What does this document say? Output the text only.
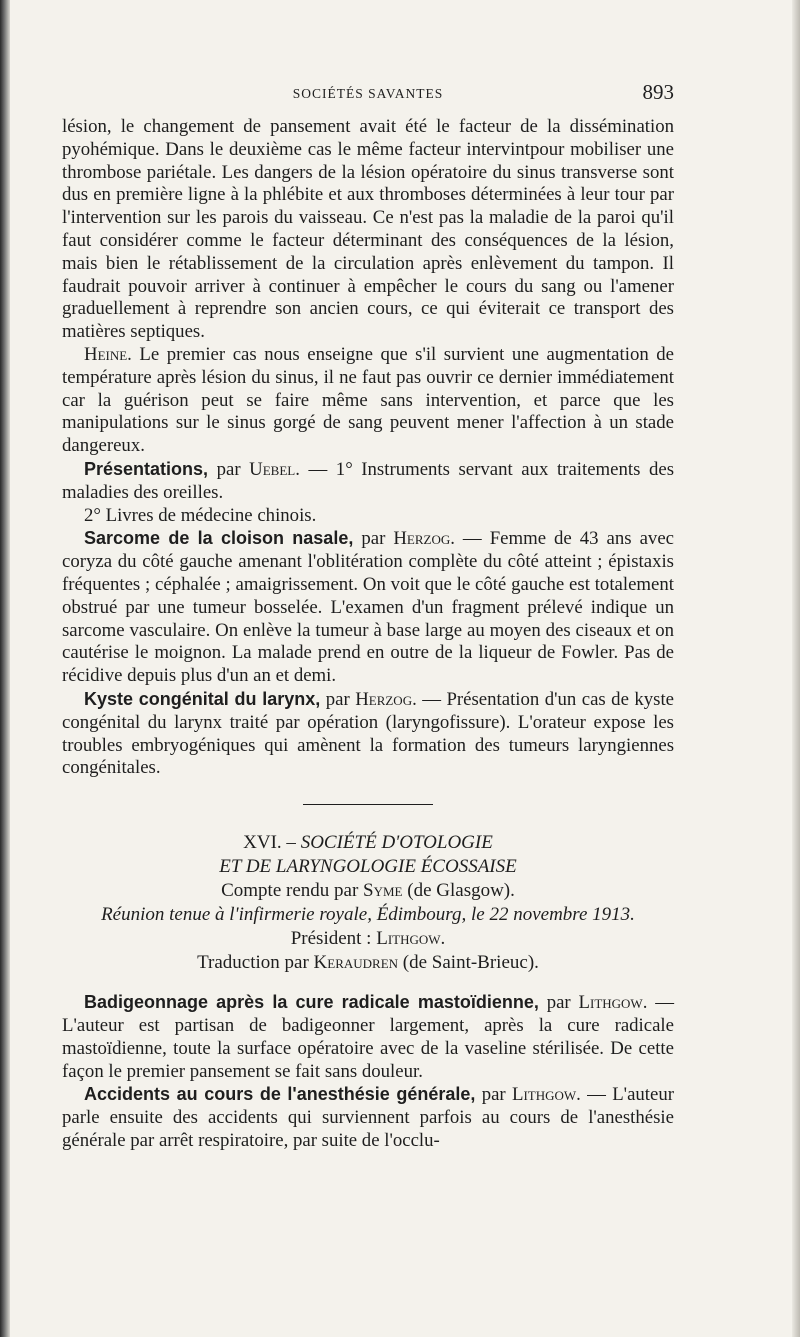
SOCIÉTÉS SAVANTES	893

lésion, le changement de pansement avait été le facteur de la dissémination pyohémique. Dans le deuxième cas le même facteur intervintpour mobiliser une thrombose pariétale. Les dangers de la lésion opératoire du sinus transverse sont dus en première ligne à la phlébite et aux thromboses déterminées à leur tour par l'intervention sur les parois du vaisseau. Ce n'est pas la maladie de la paroi qu'il faut considérer comme le facteur déterminant des conséquences de la lésion, mais bien le rétablissement de la circulation après enlèvement du tampon. Il faudrait pouvoir arriver à continuer à empêcher le cours du sang ou l'amener graduellement à reprendre son ancien cours, ce qui éviterait ce transport des matières septiques.

Heine. Le premier cas nous enseigne que s'il survient une augmentation de température après lésion du sinus, il ne faut pas ouvrir ce dernier immédiatement car la guérison peut se faire même sans intervention, et parce que les manipulations sur le sinus gorgé de sang peuvent mener l'affection à un stade dangereux.

Présentations, par Uebel. — 1° Instruments servant aux traitements des maladies des oreilles.

2° Livres de médecine chinois.

Sarcome de la cloison nasale, par Herzog. — Femme de 43 ans avec coryza du côté gauche amenant l'oblitération complète du côté atteint ; épistaxis fréquentes ; céphalée ; amaigrissement. On voit que le côté gauche est totalement obstrué par une tumeur bosselée. L'examen d'un fragment prélevé indique un sarcome vasculaire. On enlève la tumeur à base large au moyen des ciseaux et on cautérise le moignon. La malade prend en outre de la liqueur de Fowler. Pas de récidive depuis plus d'un an et demi.

Kyste congénital du larynx, par Herzog. — Présentation d'un cas de kyste congénital du larynx traité par opération (laryngofissure). L'orateur expose les troubles embryogéniques qui amènent la formation des tumeurs laryngiennes congénitales.

XVI. – SOCIÉTÉ D'OTOLOGIE
ET DE LARYNGOLOGIE ÉCOSSAISE
Compte rendu par Syme (de Glasgow).
Réunion tenue à l'infirmerie royale, Édimbourg, le 22 novembre 1913.
Président : Lithgow.
Traduction par Keraudren (de Saint-Brieuc).

Badigeonnage après la cure radicale mastoïdienne, par Lithgow. — L'auteur est partisan de badigeonner largement, après la cure radicale mastoïdienne, toute la surface opératoire avec de la vaseline stérilisée. De cette façon le premier pansement se fait sans douleur.

Accidents au cours de l'anesthésie générale, par Lithgow. — L'auteur parle ensuite des accidents qui surviennent parfois au cours de l'anesthésie générale par arrêt respiratoire, par suite de l'occlu-
